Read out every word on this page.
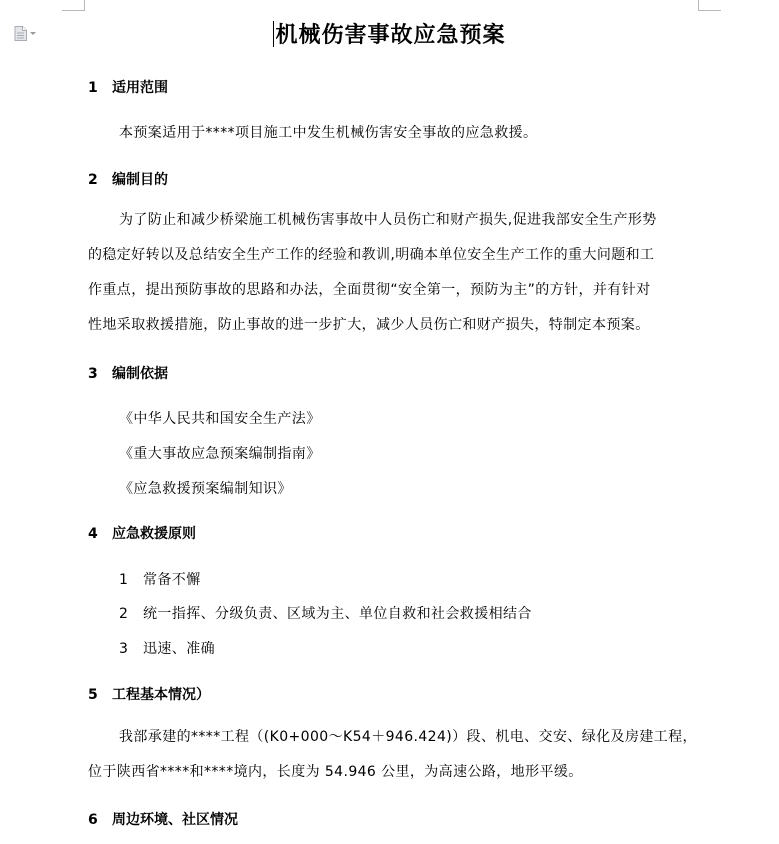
机械伤害事故应急预案
1 适用范围
本预案适用于****项目施工中发生机械伤害安全事故的应急救援。
2 编制目的
为了防止和减少桥梁施工机械伤害事故中人员伤亡和财产损失,促进我部安全生产形势
的稳定好转以及总结安全生产工作的经验和教训,明确本单位安全生产工作的重大问题和工
作重点，提出预防事故的思路和办法，全面贯彻“安全第一，预防为主”的方针，并有针对
性地采取救援措施，防止事故的进一步扩大，减少人员伤亡和财产损失，特制定本预案。
3 编制依据
《中华人民共和国安全生产法》
《重大事故应急预案编制指南》
《应急救援预案编制知识》
4 应急救援原则
1 常备不懈
2 统一指挥、分级负责、区域为主、单位自救和社会救援相结合
3 迅速、准确
5 工程基本情况）
我部承建的****工程（(K0+000～K54＋946.424)）段、机电、交安、绿化及房建工程，
位于陕西省****和****境内，长度为 54.946 公里，为高速公路，地形平缓。
6 周边环境、社区情况
